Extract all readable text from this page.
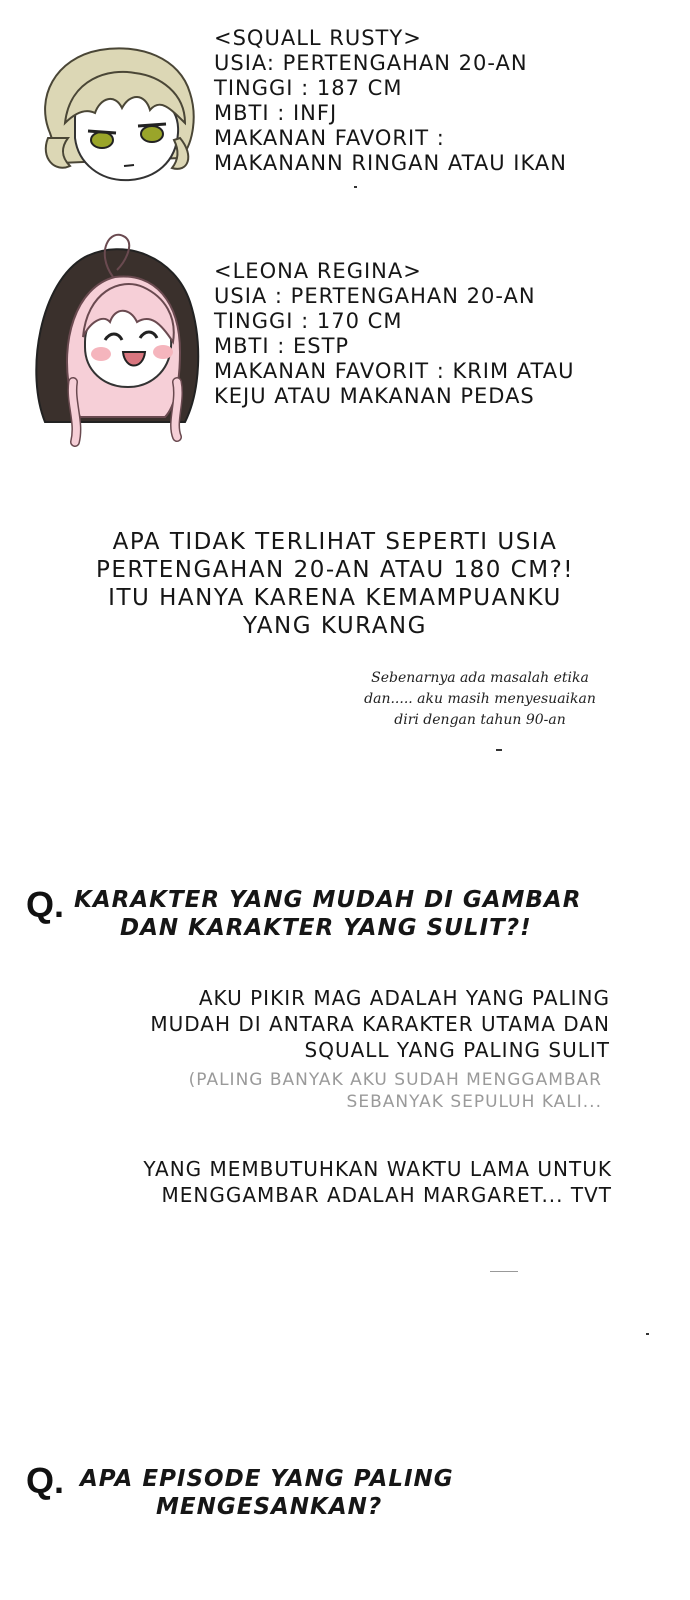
<SQUALL RUSTY>
USIA: PERTENGAHAN 20-AN
TINGGI : 187 CM
MBTI : INFJ
MAKANAN FAVORIT :
MAKANANN RINGAN ATAU IKAN
<LEONA REGINA>
USIA : PERTENGAHAN 20-AN
TINGGI : 170 CM
MBTI : ESTP
MAKANAN FAVORIT : KRIM ATAU
KEJU ATAU MAKANAN PEDAS
APA TIDAK TERLIHAT SEPERTI USIA
PERTENGAHAN 20-AN ATAU 180 CM?!
ITU HANYA KARENA KEMAMPUANKU
YANG KURANG
Sebenarnya ada masalah etika
dan..... aku masih menyesuaikan
diri dengan tahun 90-an
Q. KARAKTER YANG MUDAH DI GAMBAR
DAN KARAKTER YANG SULIT?!
AKU PIKIR MAG ADALAH YANG PALING
MUDAH DI ANTARA KARAKTER UTAMA DAN
SQUALL YANG PALING SULIT
(PALING BANYAK AKU SUDAH MENGGAMBAR
SEBANYAK SEPULUH KALI...
YANG MEMBUTUHKAN WAKTU LAMA UNTUK
MENGGAMBAR ADALAH MARGARET... TVT
Q. APA EPISODE YANG PALING
MENGESANKAN?
